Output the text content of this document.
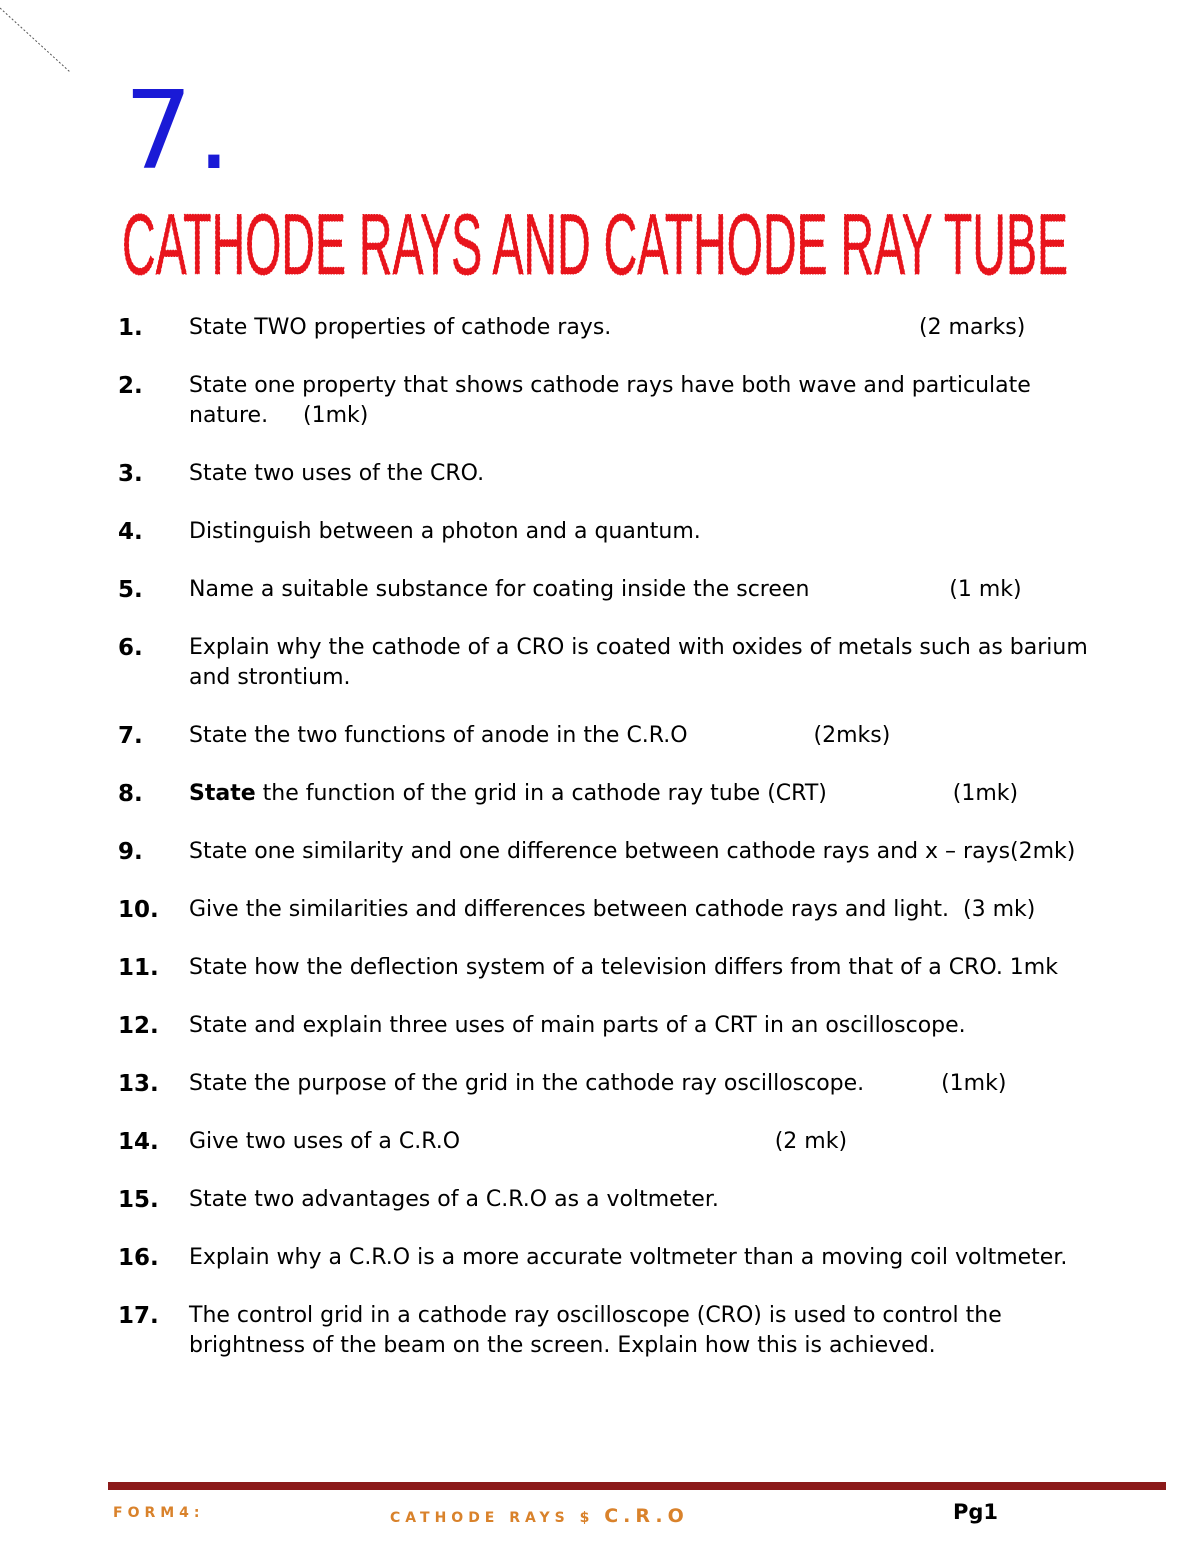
7.
CATHODE RAYS AND CATHODE RAY TUBE
1.	State TWO properties of cathode rays.                                            (2 marks)
2.	State one property that shows cathode rays have both wave and particulate
nature.     (1mk)
3.	State two uses of the CRO.
4.	Distinguish between a photon and a quantum.
5.	Name a suitable substance for coating inside the screen                    (1 mk)
6.	Explain why the cathode of a CRO is coated with oxides of metals such as barium
and strontium.
7.	State the two functions of anode in the C.R.O                  (2mks)
8.	State the function of the grid in a cathode ray tube (CRT)                  (1mk)
9.	State one similarity and one difference between cathode rays and x – rays(2mk)
10.	Give the similarities and differences between cathode rays and light.  (3 mk)
11.	State how the deflection system of a television differs from that of a CRO. 1mk
12.	State and explain three uses of main parts of a CRT in an oscilloscope.
13.	State the purpose of the grid in the cathode ray oscilloscope.           (1mk)
14.	Give two uses of a C.R.O                                             (2 mk)
15.	State two advantages of a C.R.O as a voltmeter.
16.	Explain why a C.R.O is a more accurate voltmeter than a moving coil voltmeter.
17.	The control grid in a cathode ray oscilloscope (CRO) is used to control the
brightness of the beam on the screen. Explain how this is achieved.
FORM4:	CATHODE RAYS $ C.R.O	Pg1
